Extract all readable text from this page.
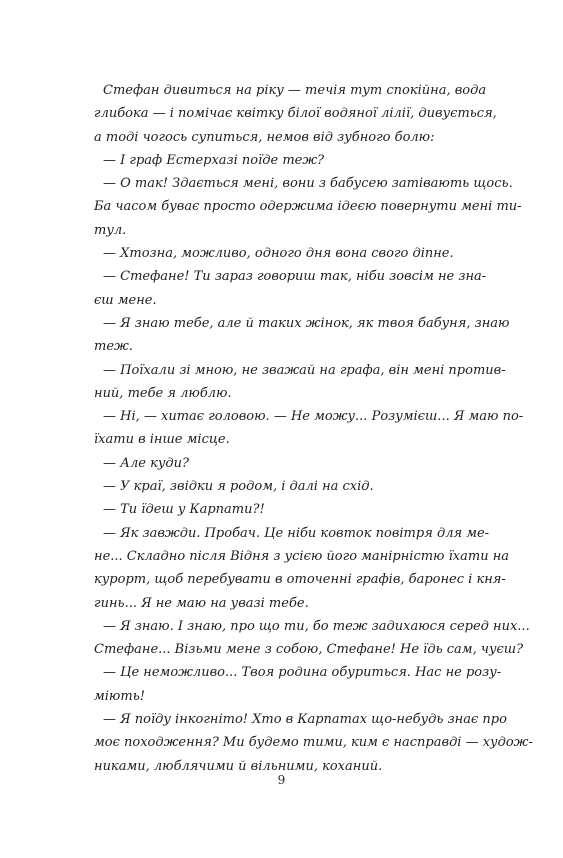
Стефан дивиться на ріку — течія тут спокійна, вода
глибока — і помічає квітку білої водяної лілії, дивується,
а тоді чогось супиться, немов від зубного болю:
— І граф Естерхазі поїде теж?
— О так! Здається мені, вони з бабусею затівають щось.
Ба часом буває просто одержима ідеєю повернути мені ти-
тул.
— Хтозна, можливо, одного дня вона свого діпне.
— Стефане! Ти зараз говориш так, ніби зовсім не зна-
єш мене.
— Я знаю тебе, але й таких жінок, як твоя бабуня, знаю
теж.
— Поїхали зі мною, не зважай на графа, він мені против-
ний, тебе я люблю.
— Ні, — хитає головою. — Не можу... Розумієш... Я маю по-
їхати в інше місце.
— Але куди?
— У краї, звідки я родом, і далі на схід.
— Ти їдеш у Карпати?!
— Як завжди. Пробач. Це ніби ковток повітря для ме-
не... Складно після Відня з усією його манірністю їхати на
курорт, щоб перебувати в оточенні графів, баронес і кня-
гинь... Я не маю на увазі тебе.
— Я знаю. І знаю, про що ти, бо теж задихаюся серед них...
Стефане... Візьми мене з собою, Стефане! Не їдь сам, чуєш?
— Це неможливо... Твоя родина обуриться. Нас не розу-
міють!
— Я поїду інкогніто! Хто в Карпатах що-небудь знає про
моє походження? Ми будемо тими, ким є насправді — худож-
никами, люблячими й вільними, коханий.
9
